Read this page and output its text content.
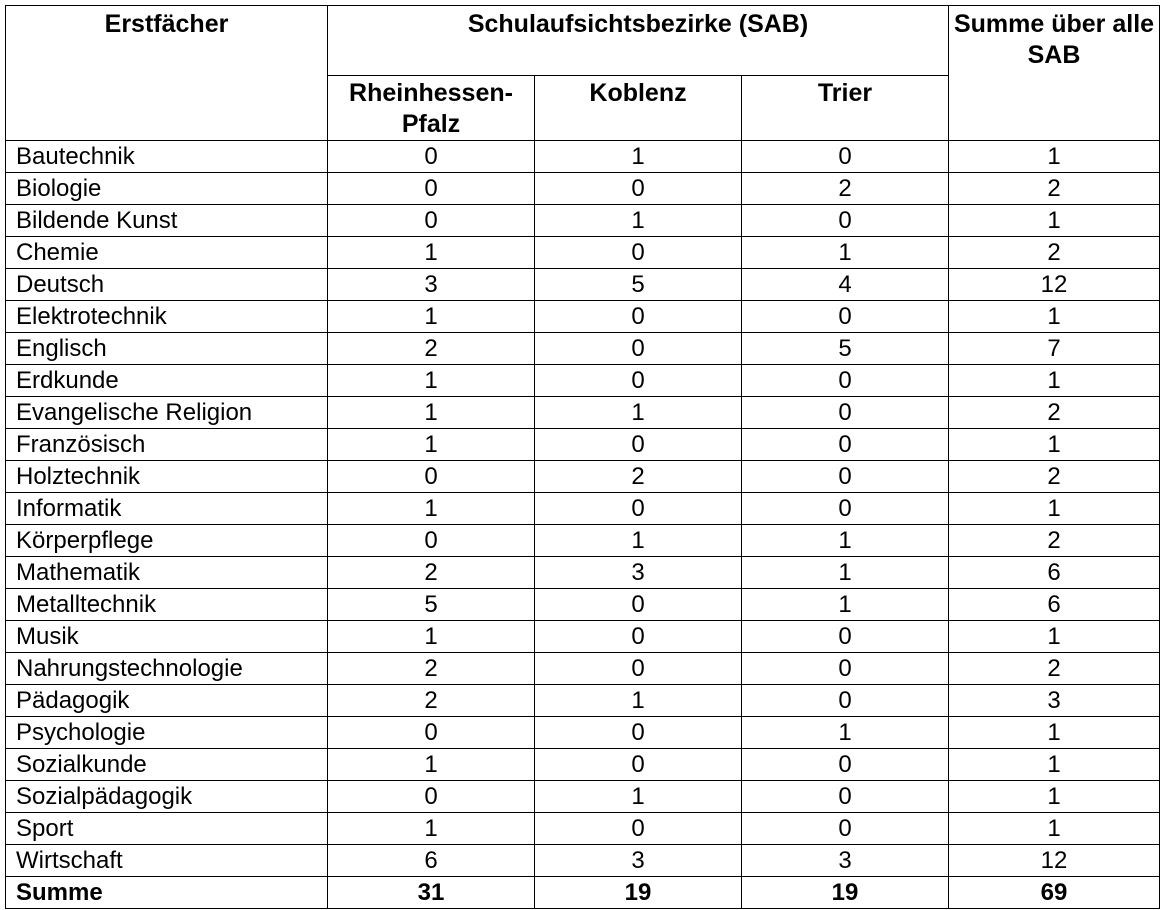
Erstfächer	Schulaufsichtsbezirke (SAB)			Summe über alle SAB
	Rheinhessen-Pfalz	Koblenz	Trier	
Bautechnik	0	1	0	1
Biologie	0	0	2	2
Bildende Kunst	0	1	0	1
Chemie	1	0	1	2
Deutsch	3	5	4	12
Elektrotechnik	1	0	0	1
Englisch	2	0	5	7
Erdkunde	1	0	0	1
Evangelische Religion	1	1	0	2
Französisch	1	0	0	1
Holztechnik	0	2	0	2
Informatik	1	0	0	1
Körperpflege	0	1	1	2
Mathematik	2	3	1	6
Metalltechnik	5	0	1	6
Musik	1	0	0	1
Nahrungstechnologie	2	0	0	2
Pädagogik	2	1	0	3
Psychologie	0	0	1	1
Sozialkunde	1	0	0	1
Sozialpädagogik	0	1	0	1
Sport	1	0	0	1
Wirtschaft	6	3	3	12
Summe	31	19	19	69
